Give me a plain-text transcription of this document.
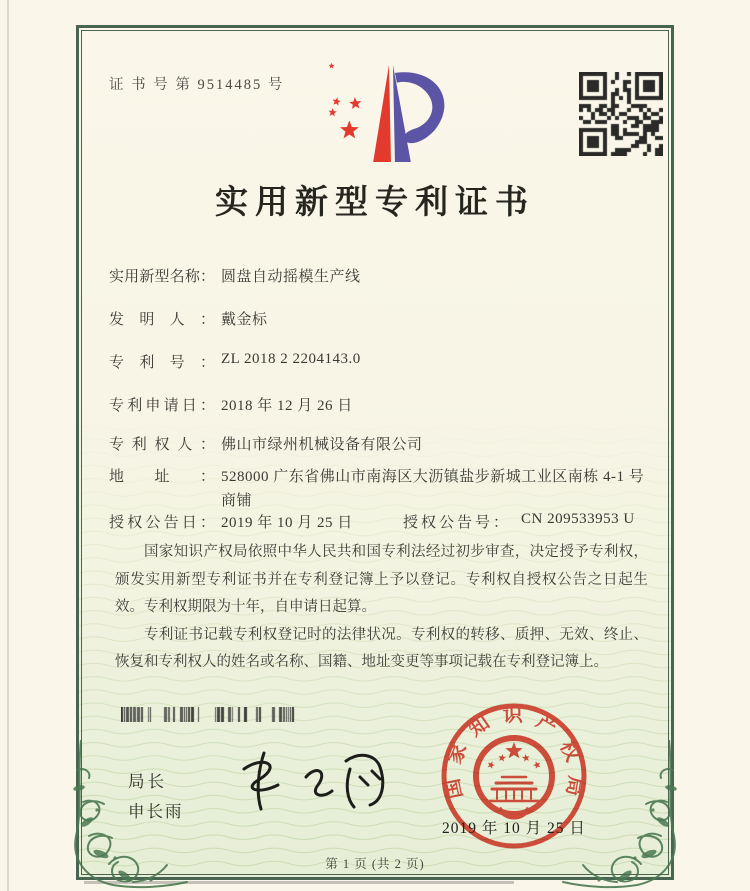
证 书 号 第 9514485 号
实用新型专利证书
实用新型名称： 圆盘自动摇模生产线
发明人： 戴金标
专利号： ZL 2018 2 2204143.0
专利申请日： 2018 年 12 月 26 日
专利权人： 佛山市绿州机械设备有限公司
地址： 528000 广东省佛山市南海区大沥镇盐步新城工业区南栋 4-1 号商铺
授权公告日： 2019 年 10 月 25 日	授权公告号： CN 209533953 U

国家知识产权局依照中华人民共和国专利法经过初步审查，决定授予专利权，颁发实用新型专利证书并在专利登记簿上予以登记。专利权自授权公告之日起生效。专利权期限为十年，自申请日起算。

专利证书记载专利权登记时的法律状况。专利权的转移、质押、无效、终止、恢复和专利权人的姓名或名称、国籍、地址变更等事项记载在专利登记簿上。

局长
申长雨
国家知识产权局
2019 年 10 月 25 日
第 1 页 (共 2 页)
